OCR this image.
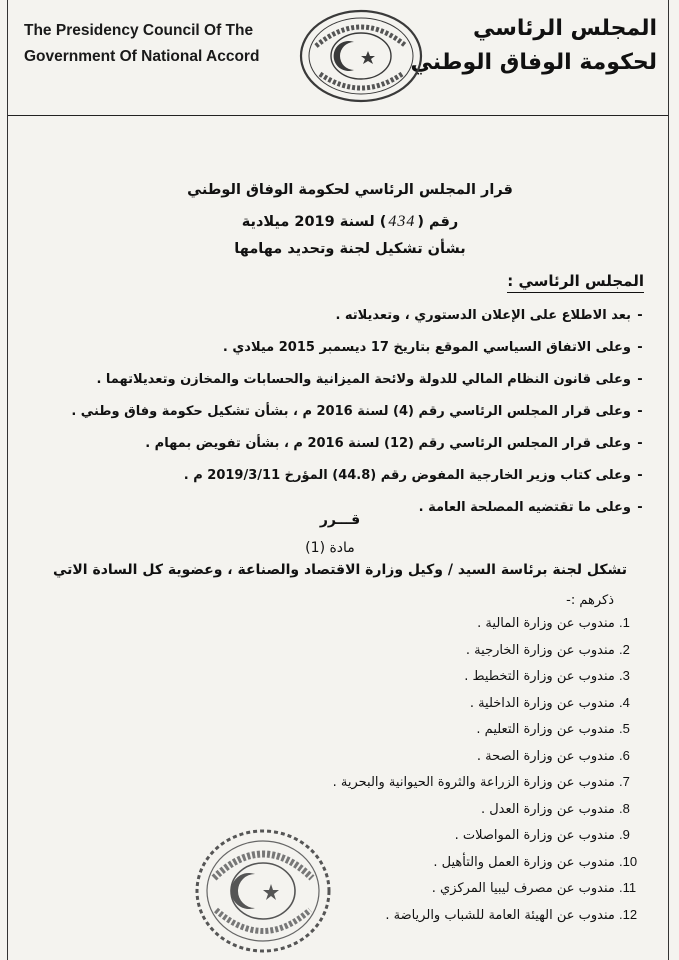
The Presidency Council Of The
Government Of National Accord
المجلس الرئاسي
لحكومة الوفاق الوطني
قرار المجلس الرئاسي لحكومة الوفاق الوطني
رقم (434) لسنة 2019 ميلادية
بشأن تشكيل لجنة وتحديد مهامها
المجلس الرئاسي :
-بعد الاطلاع على الإعلان الدستوري ، وتعديلاته .
-وعلى الاتفاق السياسي الموقع بتاريخ 17 ديسمبر 2015 ميلادي .
-وعلى قانون النظام المالي للدولة ولائحة الميزانية والحسابات والمخازن وتعديلاتهما .
-وعلى قرار المجلس الرئاسي رقم (4) لسنة 2016 م ، بشأن تشكيل حكومة وفاق وطني .
-وعلى قرار المجلس الرئاسي رقم (12) لسنة 2016 م ، بشأن تفويض بمهام .
-وعلى كتاب وزير الخارجية المفوض رقم (44.8) المؤرخ 2019/3/11 م .
-وعلى ما تقتضيه المصلحة العامة .
قـــرر
مادة (1)
تشكل لجنة برئاسة السيد / وكيل وزارة الاقتصاد والصناعة ، وعضوية كل السادة الاتي
ذكرهم :-
1. مندوب عن وزارة المالية .
2. مندوب عن وزارة الخارجية .
3. مندوب عن وزارة التخطيط .
4. مندوب عن وزارة الداخلية .
5. مندوب عن وزارة التعليم .
6. مندوب عن وزارة الصحة .
7. مندوب عن وزارة الزراعة والثروة الحيوانية والبحرية .
8. مندوب عن وزارة العدل .
9. مندوب عن وزارة المواصلات .
10. مندوب عن وزارة العمل والتأهيل .
11. مندوب عن مصرف ليبيا المركزي .
12. مندوب عن الهيئة العامة للشباب والرياضة .
